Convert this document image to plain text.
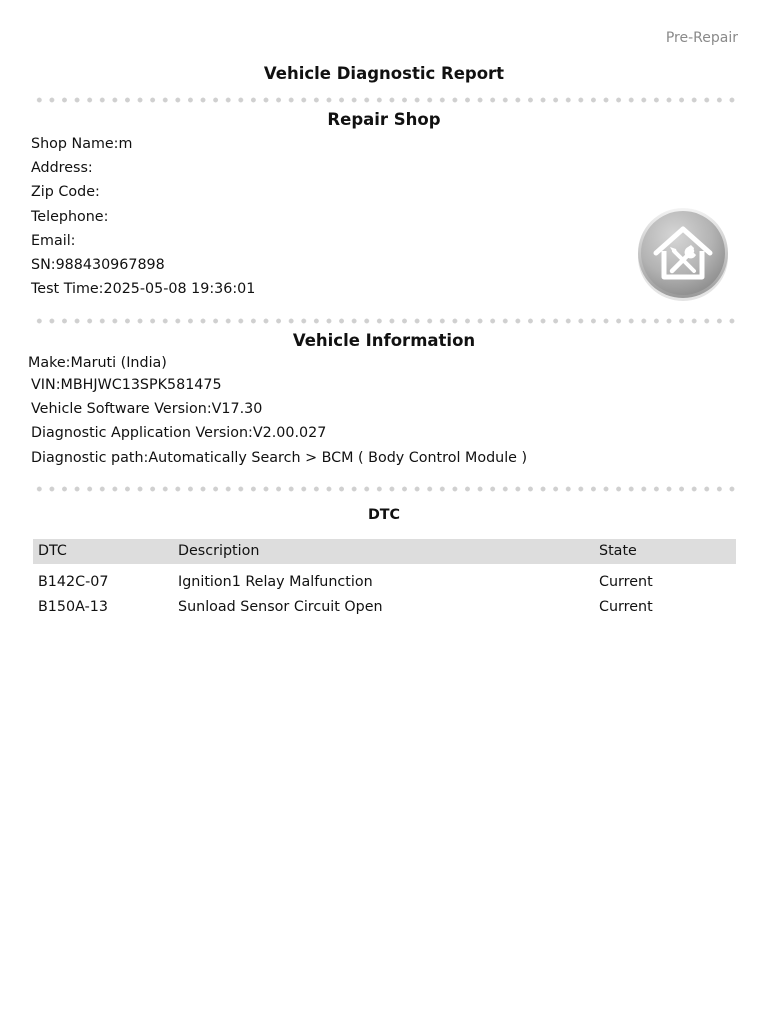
Pre-Repair
Vehicle Diagnostic Report
Repair Shop
Shop Name:m
Address:
Zip Code:
Telephone:
Email:
SN:988430967898
Test Time:2025-05-08 19:36:01
Vehicle Information
Make:Maruti (India)
VIN:MBHJWC13SPK581475
Vehicle Software Version:V17.30
Diagnostic Application Version:V2.00.027
Diagnostic path:Automatically Search > BCM ( Body Control Module )
DTC
DTC	Description	State
B142C-07	Ignition1 Relay Malfunction	Current
B150A-13	Sunload Sensor Circuit Open	Current
